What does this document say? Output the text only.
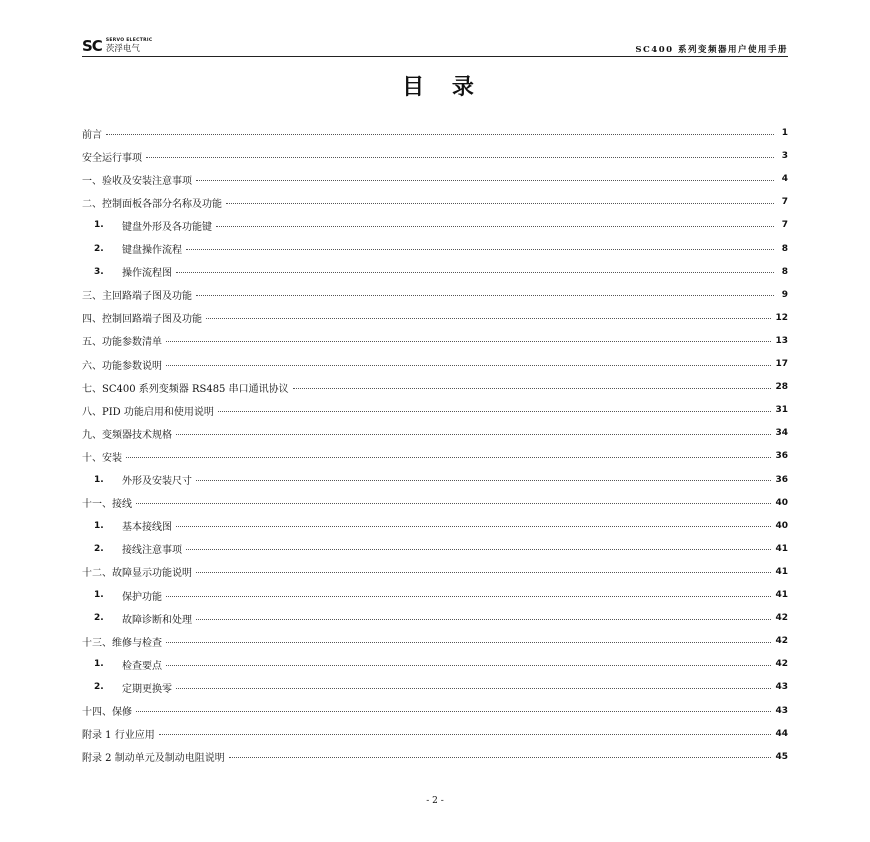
SC SERVO ELECTRIC
茨浮电气	SC400 系列变频器用户使用手册
目 录
前言	1
安全运行事项	3
一、验收及安装注意事项	4
二、控制面板各部分名称及功能	7
1.	键盘外形及各功能键	7
2.	键盘操作流程	8
3.	操作流程图	8
三、主回路端子图及功能	9
四、控制回路端子图及功能	12
五、功能参数清单	13
六、功能参数说明	17
七、SC400 系列变频器 RS485 串口通讯协议	28
八、PID 功能启用和使用说明	31
九、变频器技术规格	34
十、安装	36
1.	外形及安装尺寸	36
十一、接线	40
1.	基本接线图	40
2.	接线注意事项	41
十二、故障显示功能说明	41
1.	保护功能	41
2.	故障诊断和处理	42
十三、维修与检查	42
1.	检查要点	42
2.	定期更换零	43
十四、保修	43
附录 1 行业应用	44
附录 2 制动单元及制动电阻说明	45
- 2 -
